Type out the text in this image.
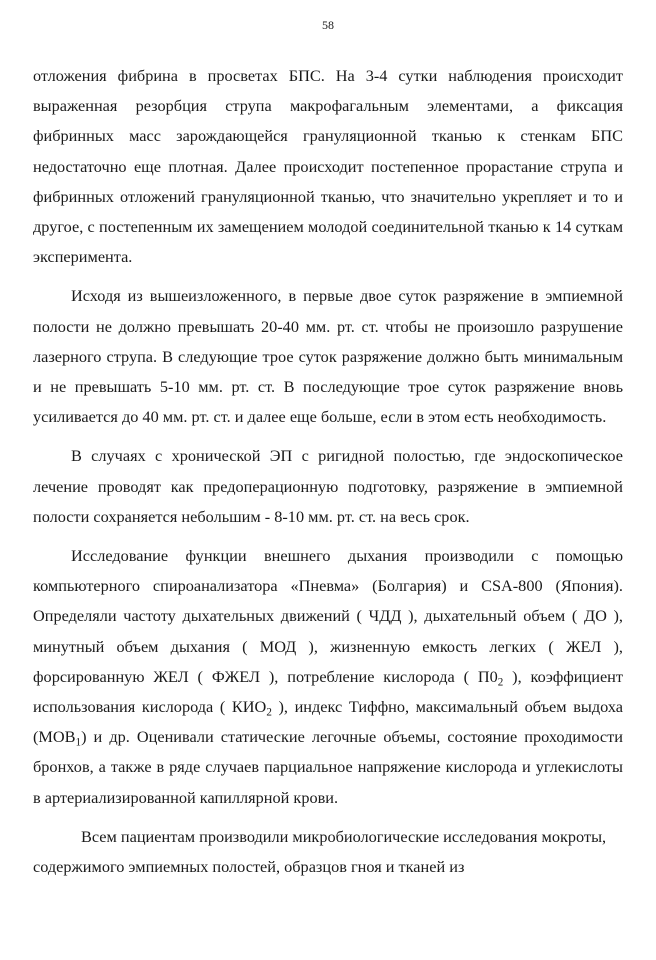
58

отложения фибрина в просветах БПС. На 3-4 сутки наблюдения происходит выраженная резорбция струпа макрофагальным элементами, а фиксация фибринных масс зарождающейся грануляционной тканью к стенкам БПС недостаточно еще плотная. Далее происходит постепенное прорастание струпа и фибринных отложений грануляционной тканью, что значительно укрепляет и то и другое, с постепенным их замещением молодой соединительной тканью к 14 суткам эксперимента.

Исходя из вышеизложенного, в первые двое суток разряжение в эмпиемной полости не должно превышать 20-40 мм. рт. ст. чтобы не произошло разрушение лазерного струпа. В следующие трое суток разряжение должно быть минимальным и не превышать 5-10 мм. рт. ст. В последующие трое суток разряжение вновь усиливается до 40 мм. рт. ст. и далее еще больше, если в этом есть необходимость.

В случаях с хронической ЭП с ригидной полостью, где эндоскопическое лечение проводят как предоперационную подготовку, разряжение в эмпиемной полости сохраняется небольшим - 8-10 мм. рт. ст. на весь срок.

Исследование функции внешнего дыхания производили с помощью компьютерного спироанализатора «Пневма» (Болгария) и CSA-800 (Япония). Определяли частоту дыхательных движений ( ЧДД ), дыхательный объем ( ДО ), минутный объем дыхания ( МОД ), жизненную емкость легких ( ЖЕЛ ), форсированную ЖЕЛ ( ФЖЕЛ ), потребление кислорода ( $П0_2$ ), коэффициент использования кислорода ( $КИО_2$ ), индекс Тиффно, максимальный объем выдоха $(МОВ_1)$ и др. Оценивали статические легочные объемы, состояние проходимости бронхов, а также в ряде случаев парциальное напряжение кислорода и углекислоты в артериализированной капиллярной крови.

Всем пациентам производили микробиологические исследования мокроты, содержимого эмпиемных полостей, образцов гноя и тканей из
